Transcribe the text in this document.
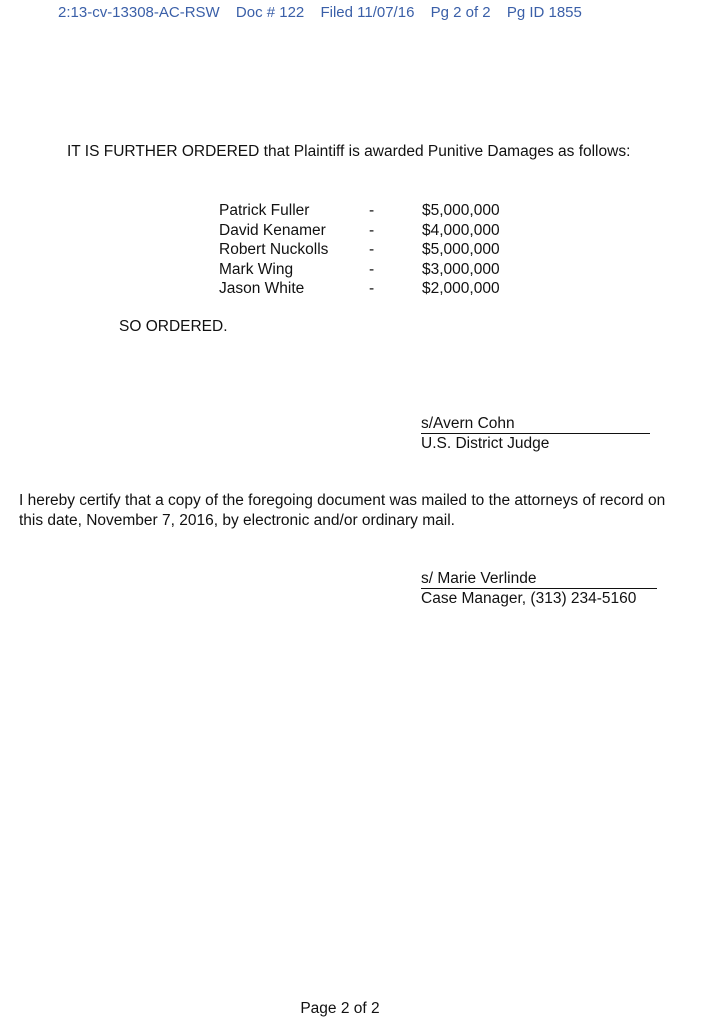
2:13-cv-13308-AC-RSW Doc # 122 Filed 11/07/16 Pg 2 of 2 Pg ID 1855
IT IS FURTHER ORDERED that Plaintiff is awarded Punitive Damages as follows:
Patrick Fuller	-	$5,000,000
David Kenamer	-	$4,000,000
Robert Nuckolls	-	$5,000,000
Mark Wing	-	$3,000,000
Jason White	-	$2,000,000
SO ORDERED.
s/Avern Cohn
U.S. District Judge
I hereby certify that a copy of the foregoing document was mailed to the attorneys of record on this date, November 7, 2016, by electronic and/or ordinary mail.
s/ Marie Verlinde
Case Manager, (313) 234-5160
Page 2 of 2
